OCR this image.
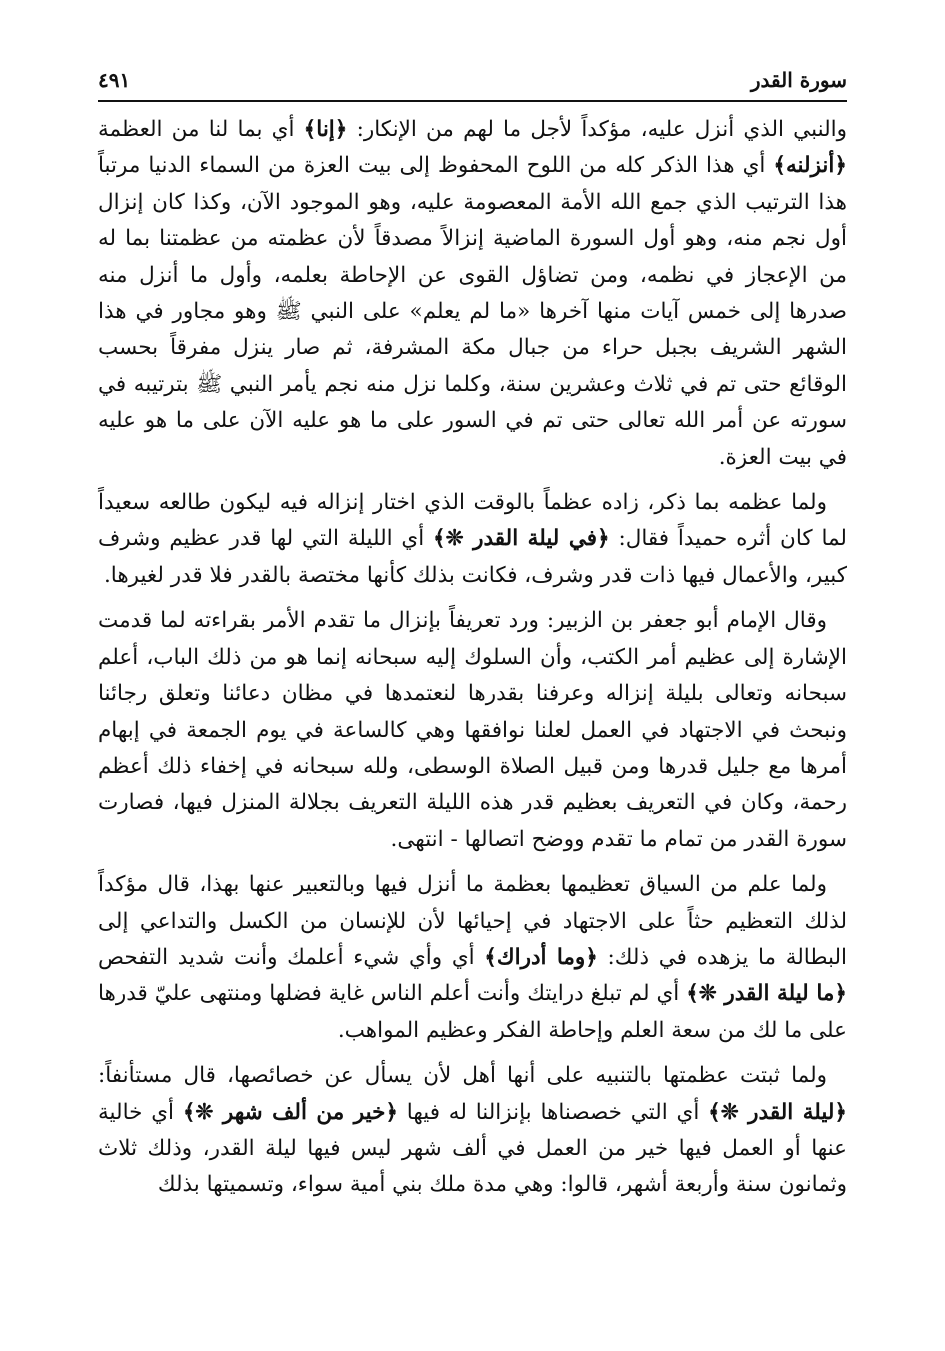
سورة القدر
٤٩١

والنبي الذي أنزل عليه، مؤكداً لأجل ما لهم من الإنكار: ﴿إنا﴾ أي بما لنا من العظمة ﴿أنزلنه﴾ أي هذا الذكر كله من اللوح المحفوظ إلى بيت العزة من السماء الدنيا مرتباً هذا الترتيب الذي جمع الله الأمة المعصومة عليه، وهو الموجود الآن، وكذا كان إنزال أول نجم منه، وهو أول السورة الماضية إنزالاً مصدقاً لأن عظمته من عظمتنا بما له من الإعجاز في نظمه، ومن تضاؤل القوى عن الإحاطة بعلمه، وأول ما أنزل منه صدرها إلى خمس آيات منها آخرها «ما لم يعلم» على النبي ﷺ وهو مجاور في هذا الشهر الشريف بجبل حراء من جبال مكة المشرفة، ثم صار ينزل مفرقاً بحسب الوقائع حتى تم في ثلاث وعشرين سنة، وكلما نزل منه نجم يأمر النبي ﷺ بترتيبه في سورته عن أمر الله تعالى حتى تم في السور على ما هو عليه الآن على ما هو عليه في بيت العزة.

ولما عظمه بما ذكر، زاده عظماً بالوقت الذي اختار إنزاله فيه ليكون طالعه سعيداً لما كان أثره حميداً فقال: ﴿في ليلة القدر ❊﴾ أي الليلة التي لها قدر عظيم وشرف كبير، والأعمال فيها ذات قدر وشرف، فكانت بذلك كأنها مختصة بالقدر فلا قدر لغيرها.

وقال الإمام أبو جعفر بن الزبير: ورد تعريفاً بإنزال ما تقدم الأمر بقراءته لما قدمت الإشارة إلى عظيم أمر الكتب، وأن السلوك إليه سبحانه إنما هو من ذلك الباب، أعلم سبحانه وتعالى بليلة إنزاله وعرفنا بقدرها لنعتمدها في مظان دعائنا وتعلق رجائنا ونبحث في الاجتهاد في العمل لعلنا نوافقها وهي كالساعة في يوم الجمعة في إبهام أمرها مع جليل قدرها ومن قبيل الصلاة الوسطى، ولله سبحانه في إخفاء ذلك أعظم رحمة، وكان في التعريف بعظيم قدر هذه الليلة التعريف بجلالة المنزل فيها، فصارت سورة القدر من تمام ما تقدم ووضح اتصالها - انتهى.

ولما علم من السياق تعظيمها بعظمة ما أنزل فيها وبالتعبير عنها بهذا، قال مؤكداً لذلك التعظيم حثاً على الاجتهاد في إحيائها لأن للإنسان من الكسل والتداعي إلى البطالة ما يزهده في ذلك: ﴿وما أدراك﴾ أي وأي شيء أعلمك وأنت شديد التفحص ﴿ما ليلة القدر ❊﴾ أي لم تبلغ درايتك وأنت أعلم الناس غاية فضلها ومنتهى عليّ قدرها على ما لك من سعة العلم وإحاطة الفكر وعظيم المواهب.

ولما ثبتت عظمتها بالتنبيه على أنها أهل لأن يسأل عن خصائصها، قال مستأنفاً: ﴿ليلة القدر ❊﴾ أي التي خصصناها بإنزالنا له فيها ﴿خير من ألف شهر ❊﴾ أي خالية عنها أو العمل فيها خير من العمل في ألف شهر ليس فيها ليلة القدر، وذلك ثلاث وثمانون سنة وأربعة أشهر، قالوا: وهي مدة ملك بني أمية سواء، وتسميتها بذلك
